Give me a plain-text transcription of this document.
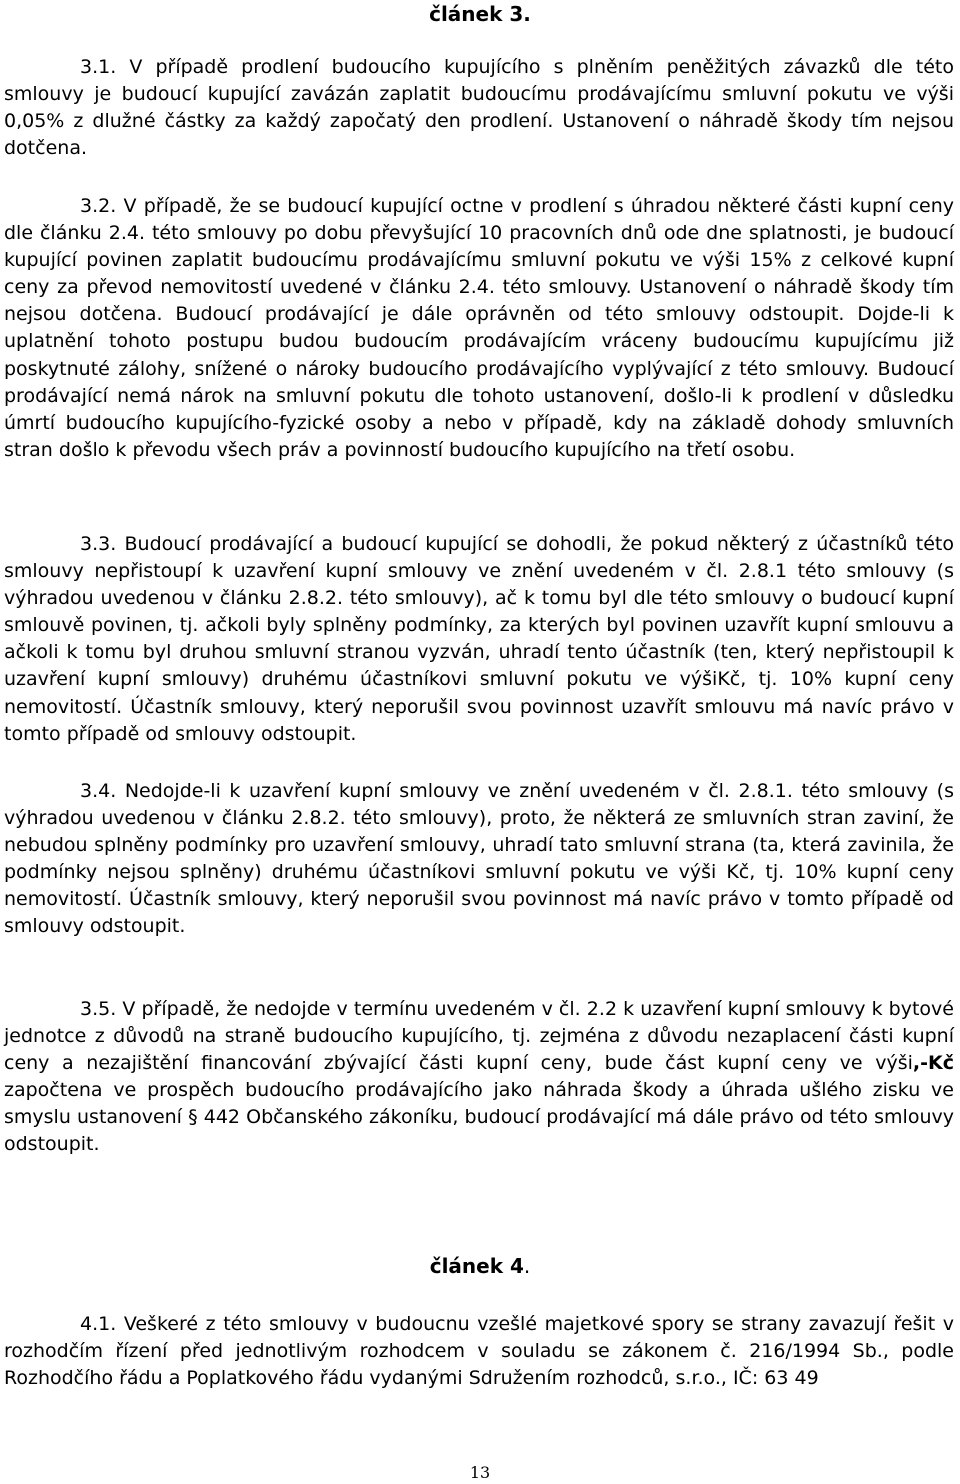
článek 3.

3.1. V případě prodlení budoucího kupujícího s plněním peněžitých závazků dle této smlouvy je budoucí kupující zavázán zaplatit budoucímu prodávajícímu smluvní pokutu ve výši 0,05% z dlužné částky za každý započatý den prodlení. Ustanovení o náhradě škody tím nejsou dotčena.

3.2. V případě, že se budoucí kupující octne v prodlení s úhradou některé části kupní ceny dle článku 2.4. této smlouvy po dobu převyšující 10 pracovních dnů ode dne splatnosti, je budoucí kupující povinen zaplatit budoucímu prodávajícímu smluvní pokutu ve výši 15% z celkové kupní ceny za převod nemovitostí uvedené v článku 2.4. této smlouvy. Ustanovení o náhradě škody tím nejsou dotčena. Budoucí prodávající je dále oprávněn od této smlouvy odstoupit. Dojde-li k uplatnění tohoto postupu budou budoucím prodávajícím vráceny budoucímu kupujícímu již poskytnuté zálohy, snížené o nároky budoucího prodávajícího vyplývající z této smlouvy. Budoucí prodávající nemá nárok na smluvní pokutu dle tohoto ustanovení, došlo-li k prodlení v důsledku úmrtí budoucího kupujícího-fyzické osoby a nebo v případě, kdy na základě dohody smluvních stran došlo k převodu všech práv a povinností budoucího kupujícího na třetí osobu.

3.3. Budoucí prodávající a budoucí kupující se dohodli, že pokud některý z účastníků této smlouvy nepřistoupí k uzavření kupní smlouvy ve znění uvedeném v čl. 2.8.1 této smlouvy (s výhradou uvedenou v článku 2.8.2. této smlouvy), ač k tomu byl dle této smlouvy o budoucí kupní smlouvě povinen, tj. ačkoli byly splněny podmínky, za kterých byl povinen uzavřít kupní smlouvu a ačkoli k tomu byl druhou smluvní stranou vyzván, uhradí tento účastník (ten, který nepřistoupil k uzavření kupní smlouvy) druhému účastníkovi smluvní pokutu ve výšiKč, tj. 10% kupní ceny nemovitostí. Účastník smlouvy, který neporušil svou povinnost uzavřít smlouvu má navíc právo v tomto případě od smlouvy odstoupit.

3.4. Nedojde-li k uzavření kupní smlouvy ve znění uvedeném v čl. 2.8.1. této smlouvy (s výhradou uvedenou v článku 2.8.2. této smlouvy), proto, že některá ze smluvních stran zaviní, že nebudou splněny podmínky pro uzavření smlouvy, uhradí tato smluvní strana (ta, která zavinila, že podmínky nejsou splněny) druhému účastníkovi smluvní pokutu ve výši Kč, tj. 10% kupní ceny nemovitostí. Účastník smlouvy, který neporušil svou povinnost má navíc právo v tomto případě od smlouvy odstoupit.

3.5. V případě, že nedojde v termínu uvedeném v čl. 2.2 k uzavření kupní smlouvy k bytové jednotce z důvodů na straně budoucího kupujícího, tj. zejména z důvodu nezaplacení části kupní ceny a nezajištění financování zbývající části kupní ceny, bude část kupní ceny ve výši,-Kč započtena ve prospěch budoucího prodávajícího jako náhrada škody a úhrada ušlého zisku ve smyslu ustanovení § 442 Občanského zákoníku, budoucí prodávající má dále právo od této smlouvy odstoupit.

článek 4.

4.1. Veškeré z této smlouvy v budoucnu vzešlé majetkové spory se strany zavazují řešit v rozhodčím řízení před jednotlivým rozhodcem v souladu se zákonem č. 216/1994 Sb., podle Rozhodčího řádu a Poplatkového řádu vydanými Sdružením rozhodců, s.r.o., IČ: 63 49

13
